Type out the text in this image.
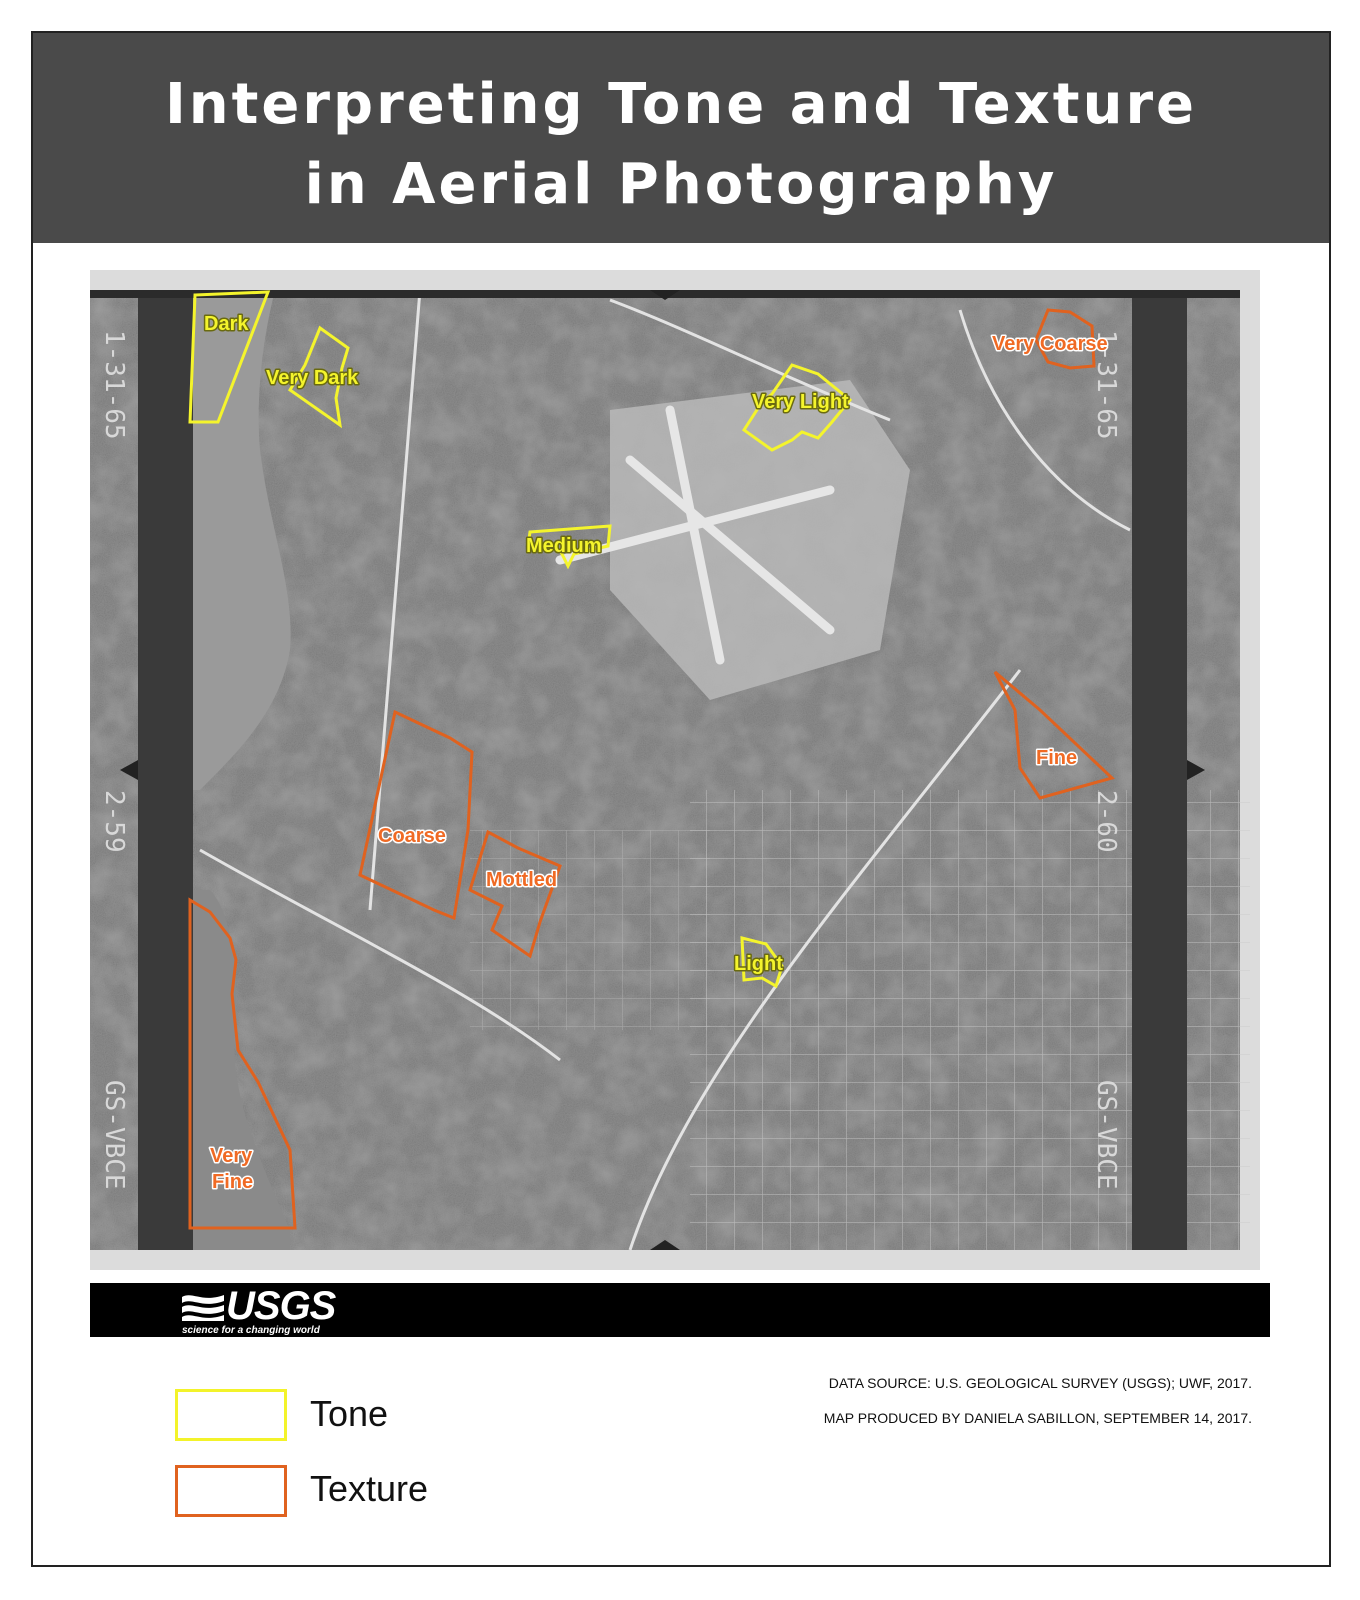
Interpreting Tone and Texture
in Aerial Photography
1-31-65
2-59
GS-VBCE
1-31-65
2-60
GS-VBCE
Dark
Very Dark
Very Light
Medium
Light
Very Coarse
Fine
Coarse
Mottled
Very
Fine
USGS
science for a changing world
Tone
Texture
DATA SOURCE: U.S. GEOLOGICAL SURVEY (USGS); UWF, 2017.
MAP PRODUCED BY DANIELA SABILLON, SEPTEMBER 14, 2017.
